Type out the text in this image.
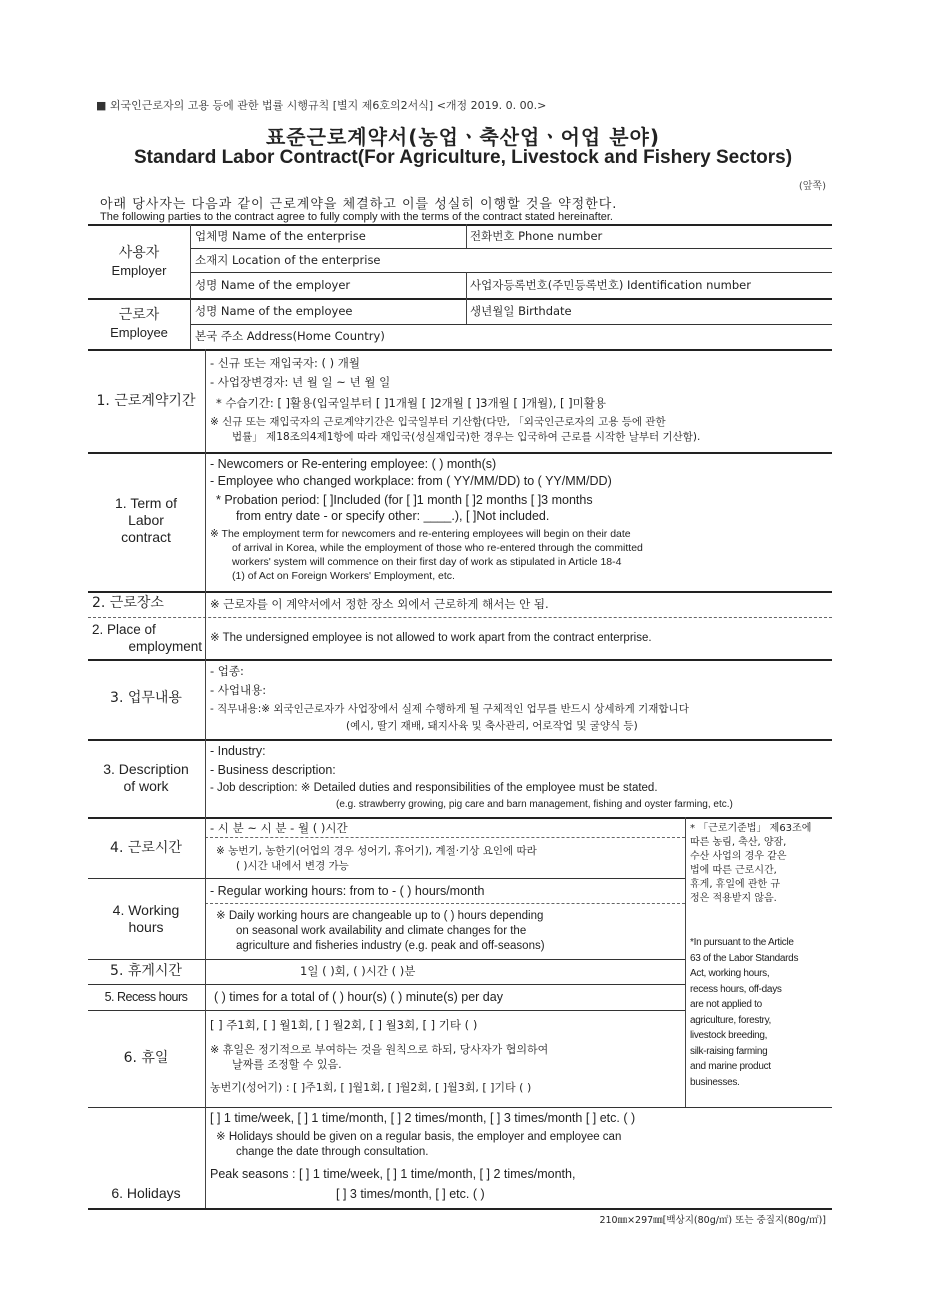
■ 외국인근로자의 고용 등에 관한 법률 시행규칙 [별지 제6호의2서식] <개정 2019. 0. 00.>
표준근로계약서(농업ㆍ축산업ㆍ어업 분야)
Standard Labor Contract(For Agriculture, Livestock and Fishery Sectors)
(앞쪽)
아래 당사자는 다음과 같이 근로계약을 체결하고 이를 성실히 이행할 것을 약정한다.
The following parties to the contract agree to fully comply with the terms of the contract stated hereinafter.
사용자
Employer
업체명 Name of the enterprise	전화번호 Phone number
소재지 Location of the enterprise
성명 Name of the employer	사업자등록번호(주민등록번호) Identification number
근로자
Employee
성명 Name of the employee	생년월일 Birthdate
본국 주소 Address(Home Country)
1. 근로계약기간
- 신규 또는 재입국자: ( ) 개월
- 사업장변경자: 년 월 일 ~ 년 월 일
* 수습기간: [ ]활용(입국일부터 [ ]1개월 [ ]2개월 [ ]3개월 [ ]개월), [ ]미활용
※ 신규 또는 재입국자의 근로계약기간은 입국일부터 기산함(다만, 「외국인근로자의 고용 등에 관한
법률」 제18조의4제1항에 따라 재입국(성실재입국)한 경우는 입국하여 근로를 시작한 날부터 기산함).
1. Term of
Labor
contract
- Newcomers or Re-entering employee: ( ) month(s)
- Employee who changed workplace: from ( YY/MM/DD) to ( YY/MM/DD)
* Probation period: [ ]Included (for [ ]1 month [ ]2 months [ ]3 months
from entry date - or specify other: ____.), [ ]Not included.
※ The employment term for newcomers and re-entering employees will begin on their date
of arrival in Korea, while the employment of those who re-entered through the committed
workers' system will commence on their first day of work as stipulated in Article 18-4
(1) of Act on Foreign Workers' Employment, etc.
2. 근로장소	※ 근로자를 이 계약서에서 정한 장소 외에서 근로하게 해서는 안 됨.
2. Place of
employment
※ The undersigned employee is not allowed to work apart from the contract enterprise.
3. 업무내용
- 업종:
- 사업내용:
- 직무내용:※ 외국인근로자가 사업장에서 실제 수행하게 될 구체적인 업무를 반드시 상세하게 기재합니다
(예시, 딸기 재배, 돼지사육 및 축사관리, 어로작업 및 굴양식 등)
3. Description
of work
- Industry:
- Business description:
- Job description: ※ Detailed duties and responsibilities of the employee must be stated.
(e.g. strawberry growing, pig care and barn management, fishing and oyster farming, etc.)
4. 근로시간
- 시 분 ~ 시 분 - 월 ( )시간
※ 농번기, 농한기(어업의 경우 성어기, 휴어기), 계절·기상 요인에 따라
( )시간 내에서 변경 가능
4. Working
hours
- Regular working hours: from to - ( ) hours/month
※ Daily working hours are changeable up to ( ) hours depending
on seasonal work availability and climate changes for the
agriculture and fisheries industry (e.g. peak and off-seasons)
5. 휴게시간	1일 ( )회, ( )시간 ( )분
5. Recess hours	( ) times for a total of ( ) hour(s) ( ) minute(s) per day
6. 휴일
[ ] 주1회, [ ] 월1회, [ ] 월2회, [ ] 월3회, [ ] 기타 ( )
※ 휴일은 정기적으로 부여하는 것을 원칙으로 하되, 당사자가 협의하여
날짜를 조정할 수 있음.
농번기(성어기) : [ ]주1회, [ ]월1회, [ ]월2회, [ ]월3회, [ ]기타 ( )
6. Holidays
[ ] 1 time/week, [ ] 1 time/month, [ ] 2 times/month, [ ] 3 times/month [ ] etc. ( )
※ Holidays should be given on a regular basis, the employer and employee can
change the date through consultation.
Peak seasons : [ ] 1 time/week, [ ] 1 time/month, [ ] 2 times/month,
[ ] 3 times/month, [ ] etc. ( )
* 「근로기준법」 제63조에
따른 농림, 축산, 양잠,
수산 사업의 경우 같은
법에 따른 근로시간,
휴게, 휴일에 관한 규
정은 적용받지 않음.
*In pursuant to the Article
63 of the Labor Standards
Act, working hours,
recess hours, off-days
are not applied to
agriculture, forestry,
livestock breeding,
silk-raising farming
and marine product
businesses.
210㎜×297㎜[백상지(80g/㎡) 또는 중질지(80g/㎡)]
